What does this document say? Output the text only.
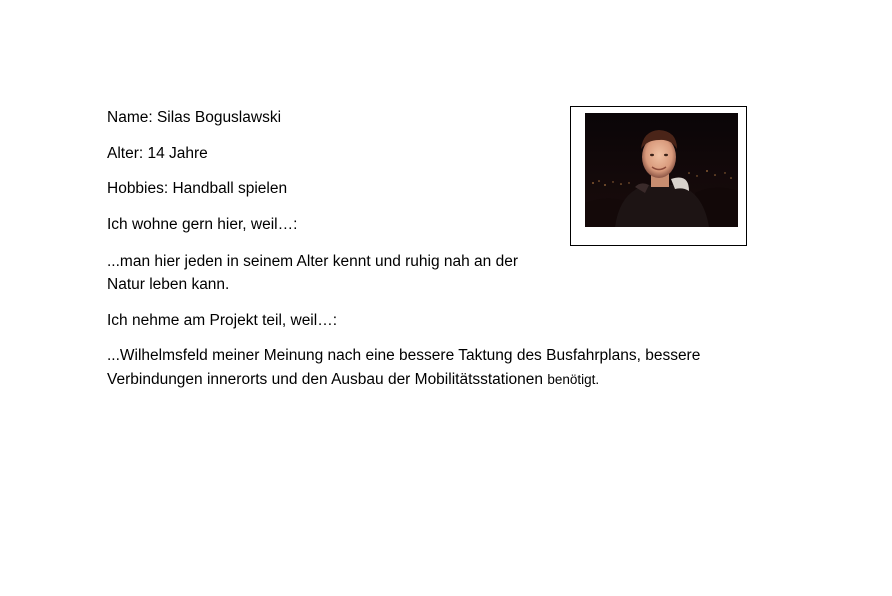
Name: Silas Boguslawski
Alter: 14 Jahre
Hobbies: Handball spielen
Ich wohne gern hier, weil…:
...man hier jeden in seinem Alter kennt und ruhig nah an der
Natur leben kann.
Ich nehme am Projekt teil, weil…:
...Wilhelmsfeld meiner Meinung nach eine bessere Taktung des Busfahrplans, bessere
Verbindungen innerorts und den Ausbau der Mobilitätsstationen benötigt.
